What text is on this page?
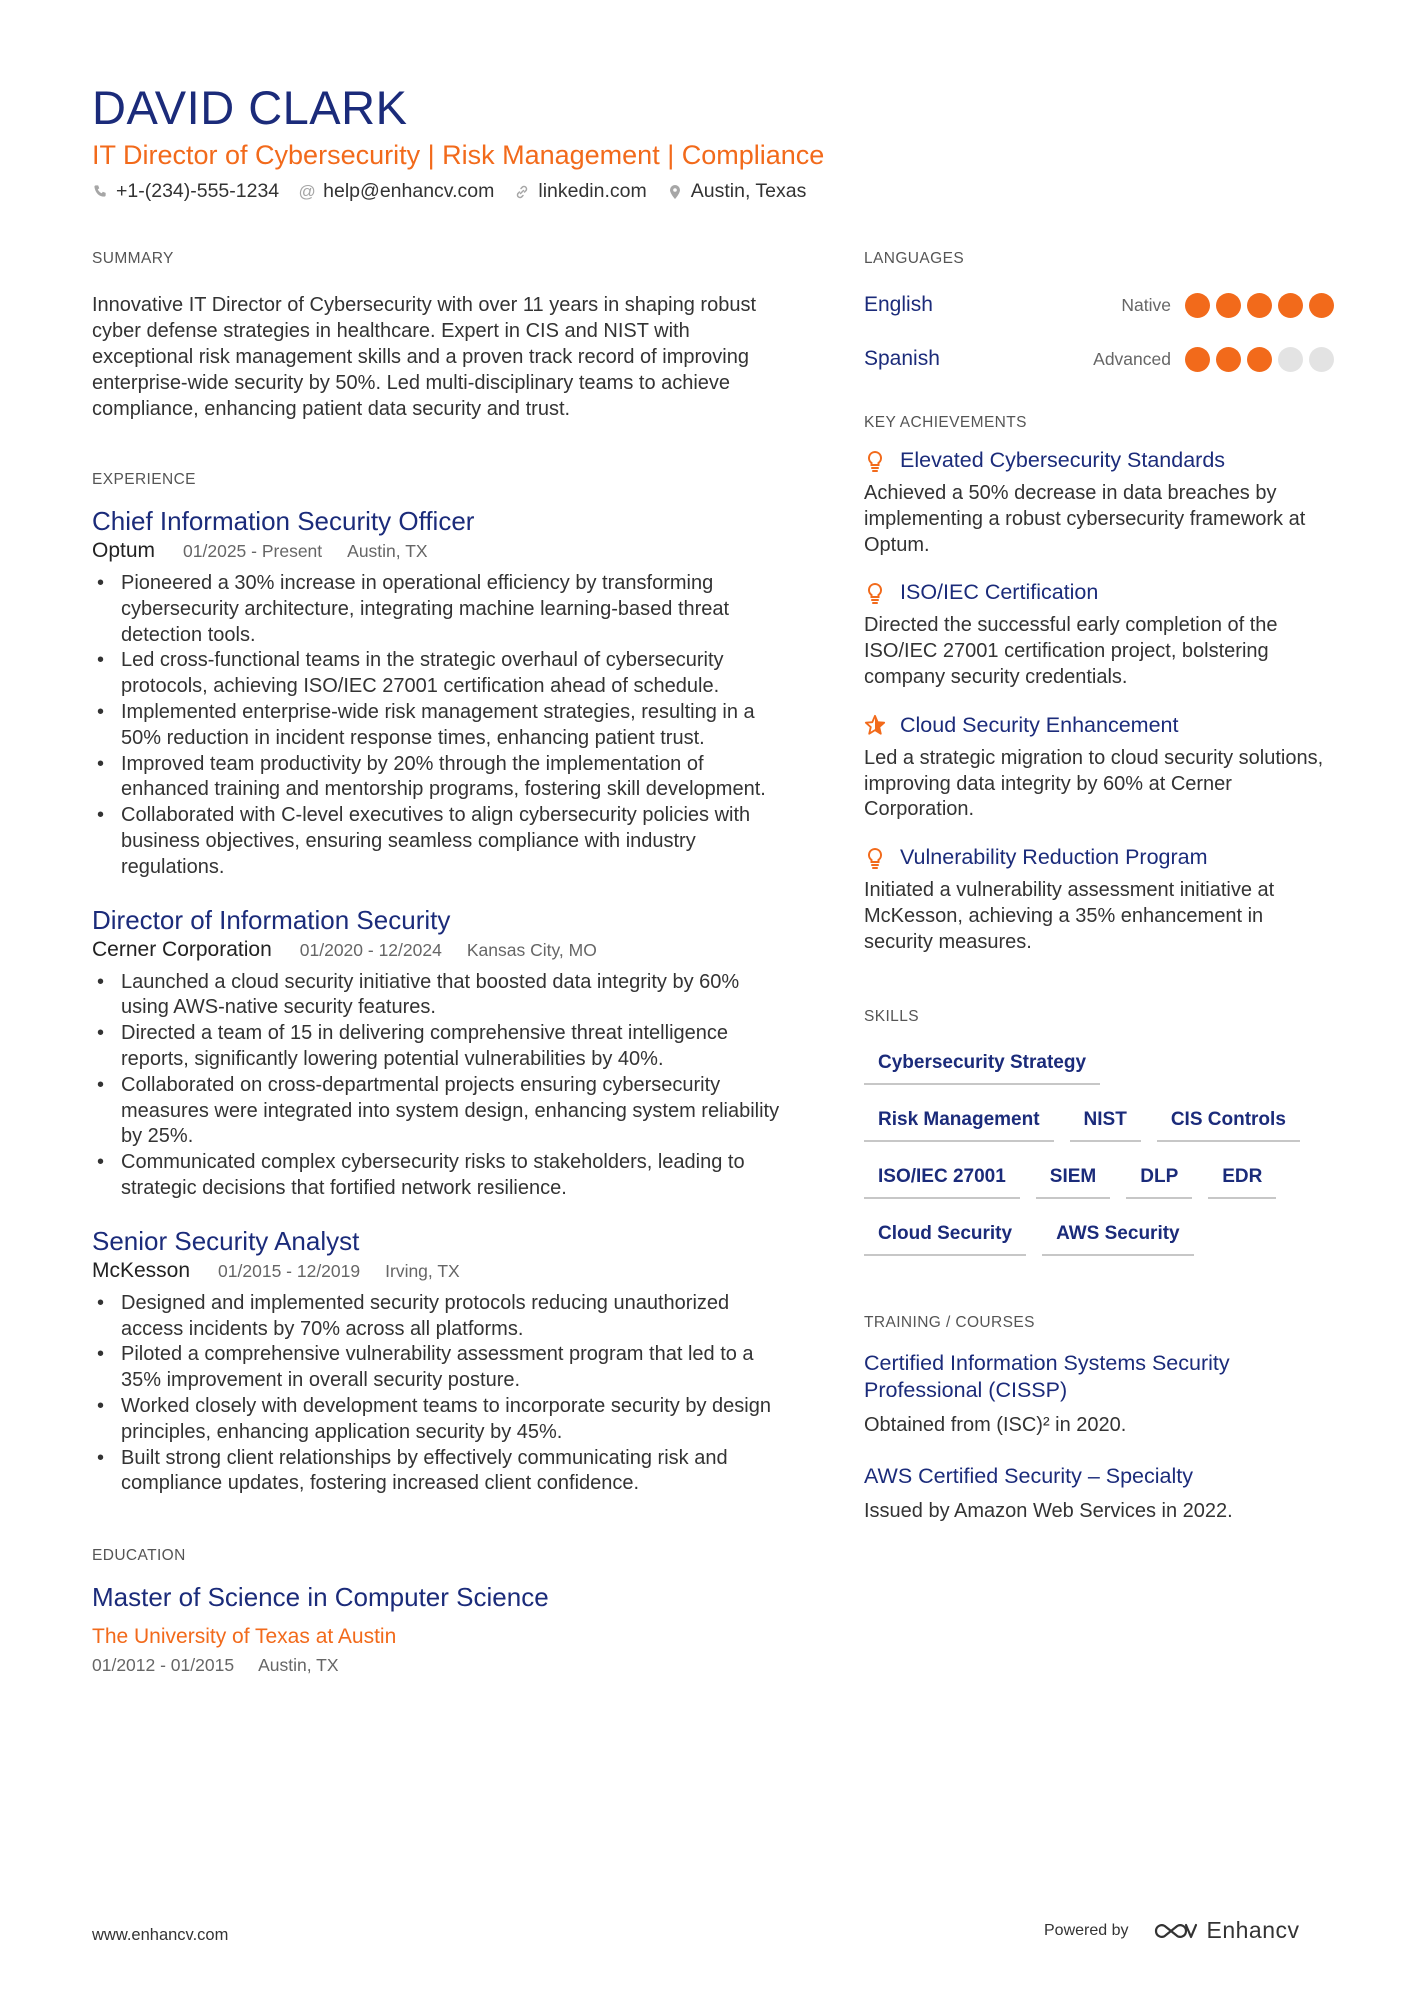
DAVID CLARK
IT Director of Cybersecurity | Risk Management | Compliance
+1-(234)-555-1234 @ help@enhancv.com linkedin.com Austin, Texas
SUMMARY
Innovative IT Director of Cybersecurity with over 11 years in shaping robust cyber defense strategies in healthcare. Expert in CIS and NIST with exceptional risk management skills and a proven track record of improving enterprise-wide security by 50%. Led multi-disciplinary teams to achieve compliance, enhancing patient data security and trust.
EXPERIENCE
Chief Information Security Officer
Optum 01/2025 - Present Austin, TX
• Pioneered a 30% increase in operational efficiency by transforming cybersecurity architecture, integrating machine learning-based threat detection tools.
• Led cross-functional teams in the strategic overhaul of cybersecurity protocols, achieving ISO/IEC 27001 certification ahead of schedule.
• Implemented enterprise-wide risk management strategies, resulting in a 50% reduction in incident response times, enhancing patient trust.
• Improved team productivity by 20% through the implementation of enhanced training and mentorship programs, fostering skill development.
• Collaborated with C-level executives to align cybersecurity policies with business objectives, ensuring seamless compliance with industry regulations.
Director of Information Security
Cerner Corporation 01/2020 - 12/2024 Kansas City, MO
• Launched a cloud security initiative that boosted data integrity by 60% using AWS-native security features.
• Directed a team of 15 in delivering comprehensive threat intelligence reports, significantly lowering potential vulnerabilities by 40%.
• Collaborated on cross-departmental projects ensuring cybersecurity measures were integrated into system design, enhancing system reliability by 25%.
• Communicated complex cybersecurity risks to stakeholders, leading to strategic decisions that fortified network resilience.
Senior Security Analyst
McKesson 01/2015 - 12/2019 Irving, TX
• Designed and implemented security protocols reducing unauthorized access incidents by 70% across all platforms.
• Piloted a comprehensive vulnerability assessment program that led to a 35% improvement in overall security posture.
• Worked closely with development teams to incorporate security by design principles, enhancing application security by 45%.
• Built strong client relationships by effectively communicating risk and compliance updates, fostering increased client confidence.
EDUCATION
Master of Science in Computer Science
The University of Texas at Austin
01/2012 - 01/2015 Austin, TX
LANGUAGES
English	Native
Spanish	Advanced
KEY ACHIEVEMENTS
Elevated Cybersecurity Standards
Achieved a 50% decrease in data breaches by implementing a robust cybersecurity framework at Optum.
ISO/IEC Certification
Directed the successful early completion of the ISO/IEC 27001 certification project, bolstering company security credentials.
Cloud Security Enhancement
Led a strategic migration to cloud security solutions, improving data integrity by 60% at Cerner Corporation.
Vulnerability Reduction Program
Initiated a vulnerability assessment initiative at McKesson, achieving a 35% enhancement in security measures.
SKILLS
Cybersecurity Strategy
Risk Management	NIST	CIS Controls
ISO/IEC 27001	SIEM	DLP	EDR
Cloud Security	AWS Security
TRAINING / COURSES
Certified Information Systems Security Professional (CISSP)
Obtained from (ISC)² in 2020.
AWS Certified Security – Specialty
Issued by Amazon Web Services in 2022.
www.enhancv.com	Powered by	Enhancv
